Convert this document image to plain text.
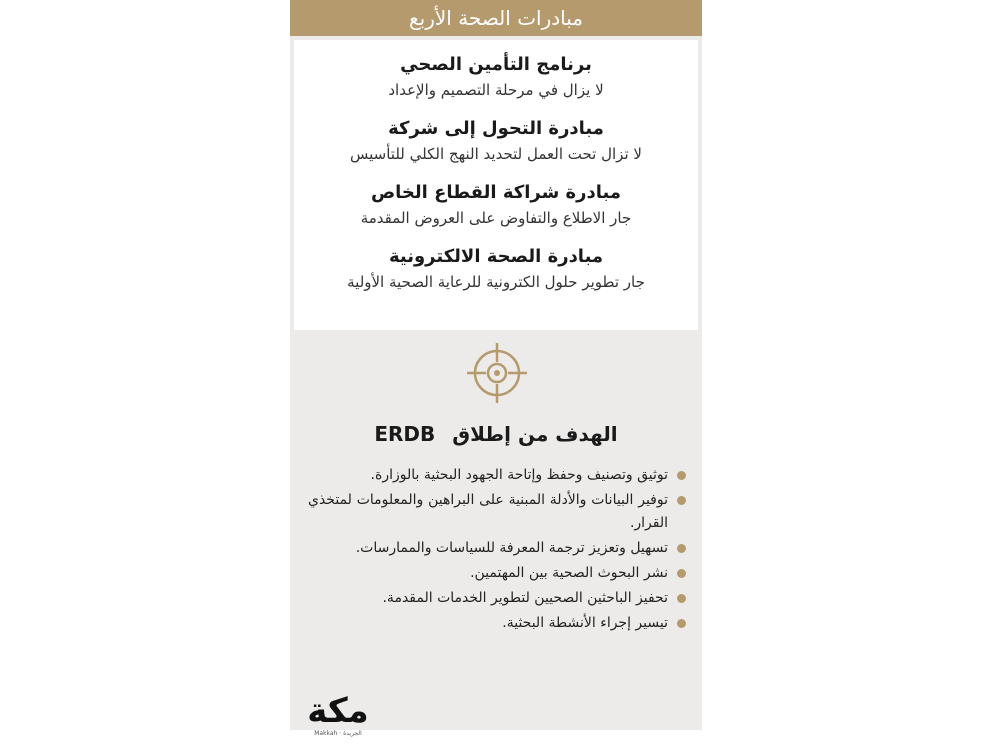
مبادرات الصحة الأربع
برنامج التأمين الصحي
لا يزال في مرحلة التصميم والإعداد
مبادرة التحول إلى شركة
لا تزال تحت العمل لتحديد النهج الكلي للتأسيس
مبادرة شراكة القطاع الخاص
جار الاطلاع والتفاوض على العروض المقدمة
مبادرة الصحة الالكترونية
جار تطوير حلول الكترونية للرعاية الصحية الأولية
ERDB الهدف من إطلاق
توثيق وتصنيف وحفظ وإتاحة الجهود البحثية بالوزارة.
توفير البيانات والأدلة المبنية على البراهين والمعلومات لمتخذي القرار.
تسهيل وتعزيز ترجمة المعرفة للسياسات والممارسات.
نشر البحوث الصحية بين المهتمين.
تحفيز الباحثين الصحيين لتطوير الخدمات المقدمة.
تيسير إجراء الأنشطة البحثية.
مكة
Makkah · الجريدة
